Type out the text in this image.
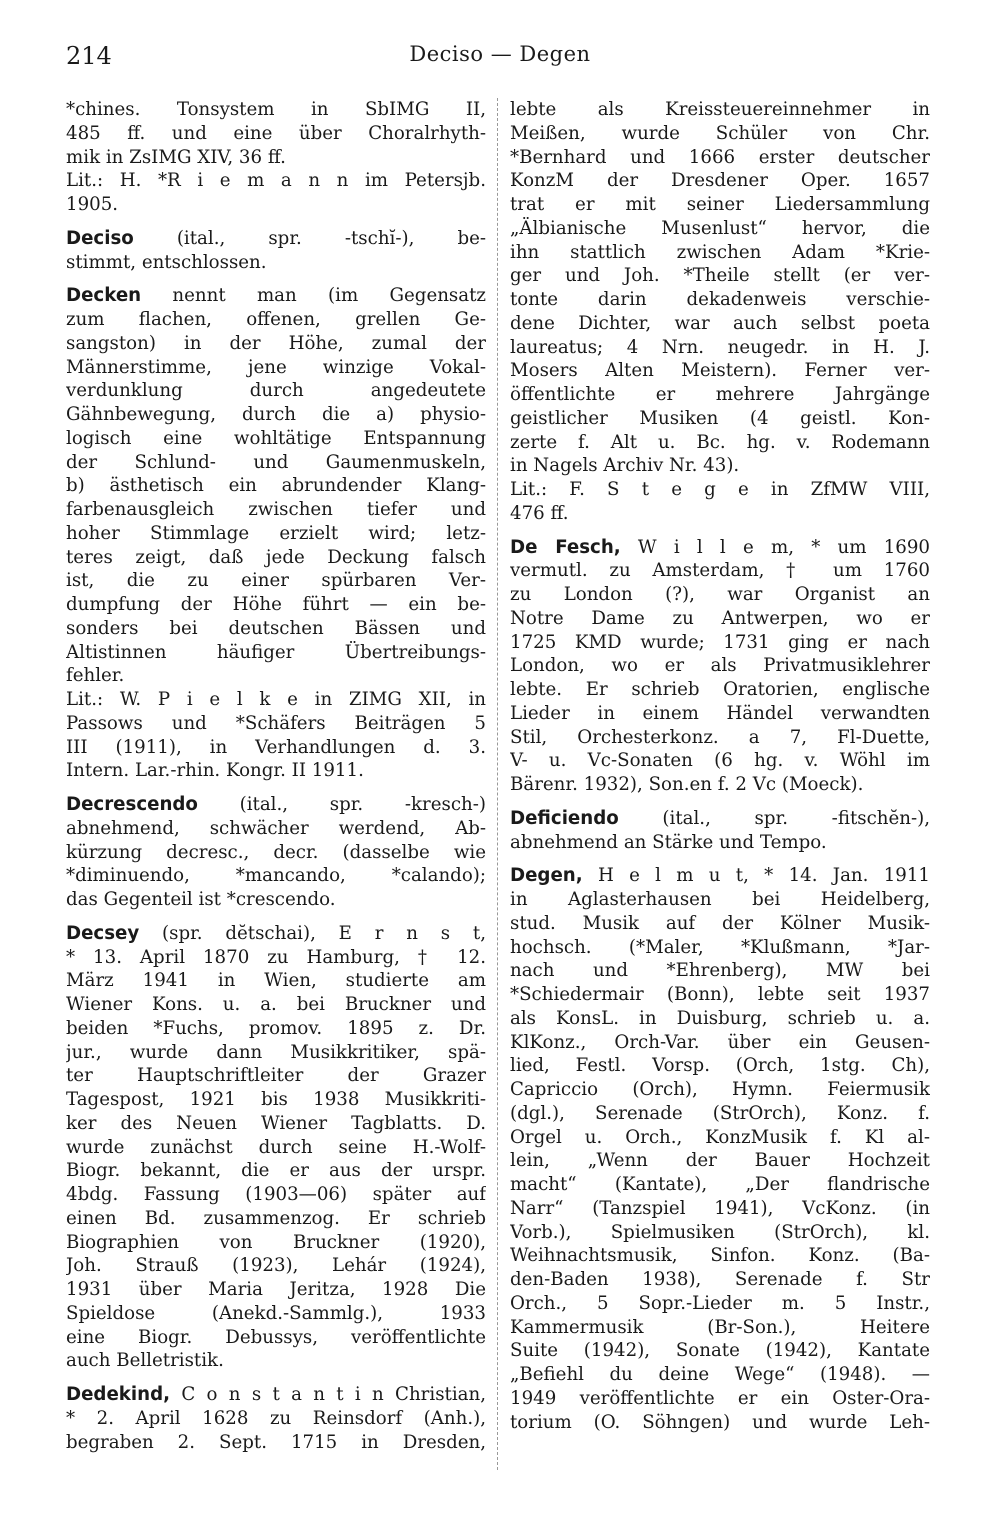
214	Deciso — Degen
*chines. Tonsystem in SbIMG II,
485 ff. und eine über Choralrhyth-
mik in ZsIMG XIV, 36 ff.
Lit.: H. *R i e m a n n im Petersjb.
1905.
Deciso (ital., spr. -tschĭ-), be-
stimmt, entschlossen.
Decken nennt man (im Gegensatz
zum flachen, offenen, grellen Ge-
sangston) in der Höhe, zumal der
Männerstimme, jene winzige Vokal-
verdunklung durch angedeutete
Gähnbewegung, durch die a) physio-
logisch eine wohltätige Entspannung
der Schlund- und Gaumenmuskeln,
b) ästhetisch ein abrundender Klang-
farbenausgleich zwischen tiefer und
hoher Stimmlage erzielt wird; letz-
teres zeigt, daß jede Deckung falsch
ist, die zu einer spürbaren Ver-
dumpfung der Höhe führt — ein be-
sonders bei deutschen Bässen und
Altistinnen häufiger Übertreibungs-
fehler.
Lit.: W. P i e l k e in ZIMG XII, in
Passows und *Schäfers Beiträgen 5
III (1911), in Verhandlungen d. 3.
Intern. Lar.-rhin. Kongr. II 1911.
Decrescendo (ital., spr. -kresch-)
abnehmend, schwächer werdend, Ab-
kürzung decresc., decr. (dasselbe wie
*diminuendo, *mancando, *calando);
das Gegenteil ist *crescendo.
Decsey (spr. dĕtschai), E r n s t,
* 13. April 1870 zu Hamburg, † 12.
März 1941 in Wien, studierte am
Wiener Kons. u. a. bei Bruckner und
beiden *Fuchs, promov. 1895 z. Dr.
jur., wurde dann Musikkritiker, spä-
ter Hauptschriftleiter der Grazer
Tagespost, 1921 bis 1938 Musikkriti-
ker des Neuen Wiener Tagblatts. D.
wurde zunächst durch seine H.-Wolf-
Biogr. bekannt, die er aus der urspr.
4bdg. Fassung (1903—06) später auf
einen Bd. zusammenzog. Er schrieb
Biographien von Bruckner (1920),
Joh. Strauß (1923), Lehár (1924),
1931 über Maria Jeritza, 1928 Die
Spieldose (Anekd.-Sammlg.), 1933
eine Biogr. Debussys, veröffentlichte
auch Belletristik.
Dedekind, C o n s t a n t i n Christian,
* 2. April 1628 zu Reinsdorf (Anh.),
begraben 2. Sept. 1715 in Dresden,
lebte als Kreissteuereinnehmer in
Meißen, wurde Schüler von Chr.
*Bernhard und 1666 erster deutscher
KonzM der Dresdener Oper. 1657
trat er mit seiner Liedersammlung
„Älbianische Musenlust“ hervor, die
ihn stattlich zwischen Adam *Krie-
ger und Joh. *Theile stellt (er ver-
tonte darin dekadenweis verschie-
dene Dichter, war auch selbst poeta
laureatus; 4 Nrn. neugedr. in H. J.
Mosers Alten Meistern). Ferner ver-
öffentlichte er mehrere Jahrgänge
geistlicher Musiken (4 geistl. Kon-
zerte f. Alt u. Bc. hg. v. Rodemann
in Nagels Archiv Nr. 43).
Lit.: F. S t e g e in ZfMW VIII,
476 ff.
De Fesch, W i l l e m, * um 1690
vermutl. zu Amsterdam, † um 1760
zu London (?), war Organist an
Notre Dame zu Antwerpen, wo er
1725 KMD wurde; 1731 ging er nach
London, wo er als Privatmusiklehrer
lebte. Er schrieb Oratorien, englische
Lieder in einem Händel verwandten
Stil, Orchesterkonz. a 7, Fl-Duette,
V- u. Vc-Sonaten (6 hg. v. Wöhl im
Bärenr. 1932), Son.en f. 2 Vc (Moeck).
Deficiendo (ital., spr. -fitschĕn-),
abnehmend an Stärke und Tempo.
Degen, H e l m u t, * 14. Jan. 1911
in Aglasterhausen bei Heidelberg,
stud. Musik auf der Kölner Musik-
hochsch. (*Maler, *Klußmann, *Jar-
nach und *Ehrenberg), MW bei
*Schiedermair (Bonn), lebte seit 1937
als KonsL. in Duisburg, schrieb u. a.
KlKonz., Orch-Var. über ein Geusen-
lied, Festl. Vorsp. (Orch, 1stg. Ch),
Capriccio (Orch), Hymn. Feiermusik
(dgl.), Serenade (StrOrch), Konz. f.
Orgel u. Orch., KonzMusik f. Kl al-
lein, „Wenn der Bauer Hochzeit
macht“ (Kantate), „Der flandrische
Narr“ (Tanzspiel 1941), VcKonz. (in
Vorb.), Spielmusiken (StrOrch), kl.
Weihnachtsmusik, Sinfon. Konz. (Ba-
den-Baden 1938), Serenade f. Str
Orch., 5 Sopr.-Lieder m. 5 Instr.,
Kammermusik (Br-Son.), Heitere
Suite (1942), Sonate (1942), Kantate
„Befiehl du deine Wege“ (1948). —
1949 veröffentlichte er ein Oster-Ora-
torium (O. Söhngen) und wurde Leh-
